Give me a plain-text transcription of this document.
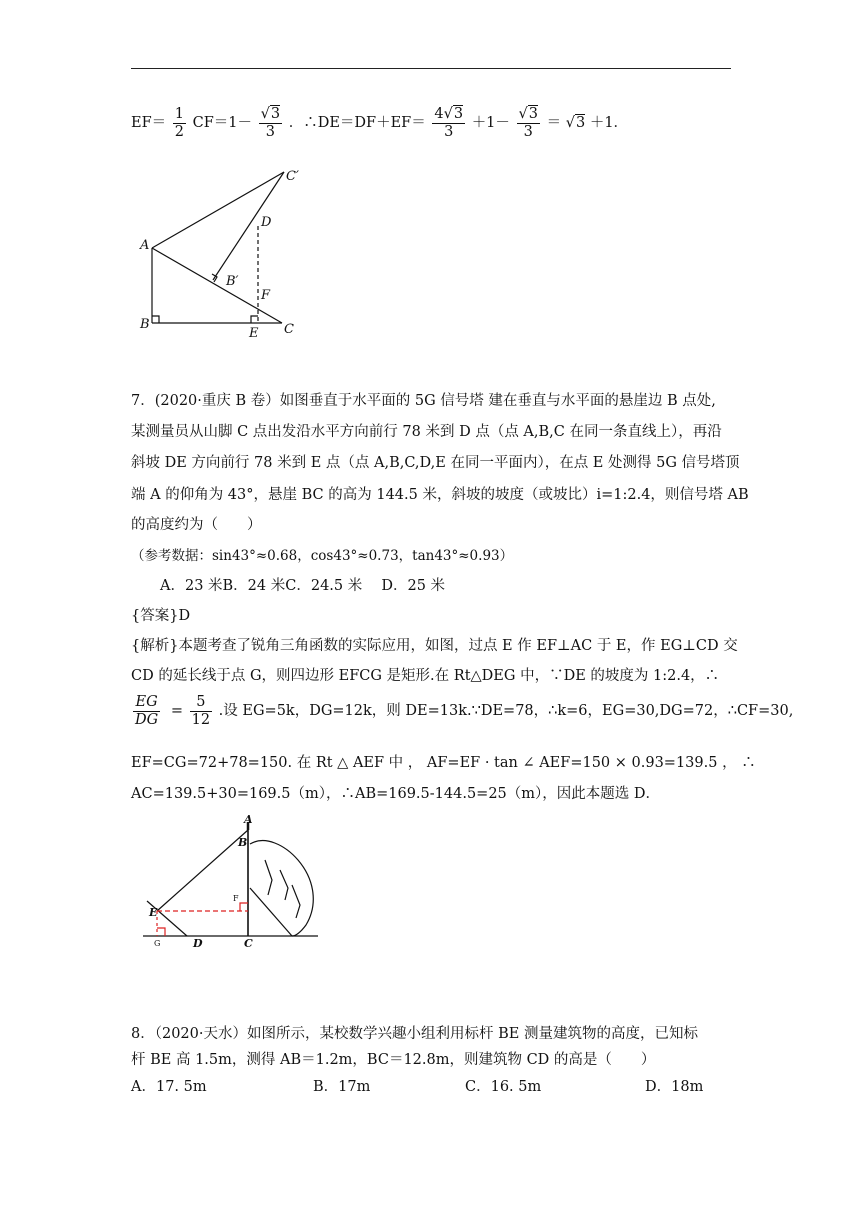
$EF= \frac{1}{2} CF=1-$ √ $\frac{3}{3}$ ．∴DE＝DF＋EF＝ $\frac{4 √ 3}{3} +1-$ √ $\frac{3}{3}$ ＝ √ 3 ＋1．
C′
D
A
B′
F
B
E C
7．(2020·重庆 B 卷）如图垂直于水平面的 5G 信号塔 建在垂直与水平面的悬崖边 B 点处,
某测量员从山脚 C 点出发沿水平方向前行 78 米到 D 点（点 A,B,C 在同一条直线上），再沿
斜坡 DE 方向前行 78 米到 E 点（点 A,B,C,D,E 在同一平面内），在点 E 处测得 5G 信号塔顶
端 A 的仰角为 43°，悬崖 BC 的高为 144.5 米，斜坡的坡度（或坡比）i=1:2.4，则信号塔 AB
的高度约为（　　）
（参考数据：sin43°≈0.68，cos43°≈0.73，tan43°≈0.93）
A．23 米B．24 米C．24.5 米　 D．25 米
{答案}D
{解析}本题考查了锐角三角函数的实际应用，如图，过点 E 作 EF⊥AC 于 E，作 EG⊥CD 交
CD 的延长线于点 G，则四边形 EFCG 是矩形.在 Rt△DEG 中，∵DE 的坡度为 1:2.4，∴
$\frac{EG}{DG} = \frac{5}{12}$ .设 EG=5k，DG=12k，则 DE=13k.∵DE=78，∴k=6，EG=30,DG=72，∴CF=30,
EF=CG=72+78=150. 在 Rt △ AEF 中 ， AF=EF · tan ∠ AEF=150 × 0.93=139.5 ， ∴
AC=139.5+30=169.5（m），∴AB=169.5-144.5=25（m），因此本题选 D．
A
B
E
D	C
F
G
8．（2020·天水）如图所示，某校数学兴趣小组利用标杆 BE 测量建筑物的高度，已知标
杆 BE 高 1.5m，测得 AB＝1.2m，BC＝12.8m，则建筑物 CD 的高是（　　）
A．17. 5m	B．17m	C．16. 5m	D．18m
